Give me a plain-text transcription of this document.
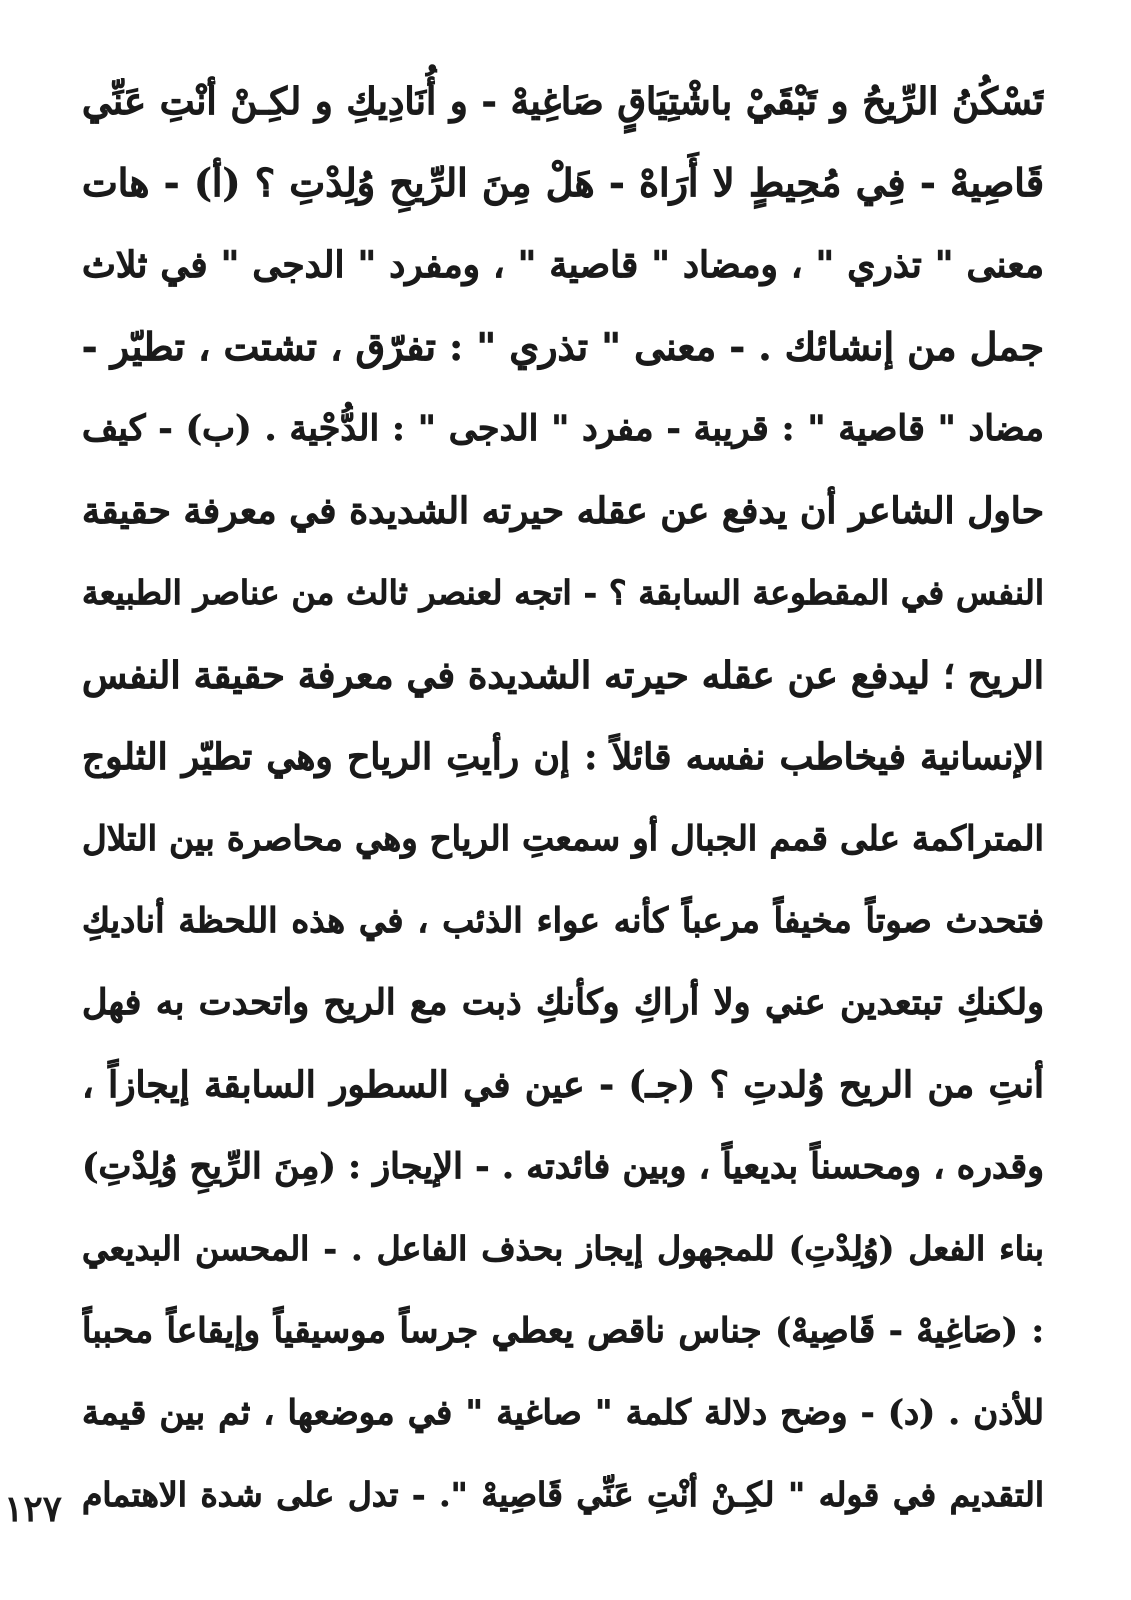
تَسْكُنُ الرِّيحُ و تَبْقَيْ باشْتِيَاقٍ صَاغِيهْ - و أُنَادِيكِ و لكِـنْ أنْتِ عَنِّي
قَاصِيهْ - فِي مُحِيطٍ لا أَرَاهْ - هَلْ مِنَ الرِّيحِ وُلِدْتِ ؟ (أ) - هات
معنى " تذري " ، ومضاد " قاصية " ، ومفرد " الدجى " في ثلاث
جمل من إنشائك . - معنى " تذري " : تفرّق ، تشتت ، تطيّر -
مضاد " قاصية " : قريبة - مفرد " الدجى " : الدُّجْية . (ب) - كيف
حاول الشاعر أن يدفع عن عقله حيرته الشديدة في معرفة حقيقة
النفس في المقطوعة السابقة ؟ - اتجه لعنصر ثالث من عناصر الطبيعة
الريح ؛ ليدفع عن عقله حيرته الشديدة في معرفة حقيقة النفس
الإنسانية فيخاطب نفسه قائلاً : إن رأيتِ الرياح وهي تطيّر الثلوج
المتراكمة على قمم الجبال أو سمعتِ الرياح وهي محاصرة بين التلال
فتحدث صوتاً مخيفاً مرعباً كأنه عواء الذئب ، في هذه اللحظة أناديكِ
ولكنكِ تبتعدين عني ولا أراكِ وكأنكِ ذبت مع الريح واتحدت به فهل
أنتِ من الريح وُلدتِ ؟ (جـ) - عين في السطور السابقة إيجازاً ،
وقدره ، ومحسناً بديعياً ، وبين فائدته . - الإيجاز : (مِنَ الرِّيحِ وُلِدْتِ)
بناء الفعل (وُلِدْتِ) للمجهول إيجاز بحذف الفاعل . - المحسن البديعي
: (صَاغِيهْ - قَاصِيهْ) جناس ناقص يعطي جرساً موسيقياً وإيقاعاً محبباً
للأذن . (د) - وضح دلالة كلمة " صاغية " في موضعها ، ثم بين قيمة
التقديم في قوله " لكِـنْ أنْتِ عَنِّي قَاصِيهْ ". - تدل على شدة الاهتمام
١٢٧
